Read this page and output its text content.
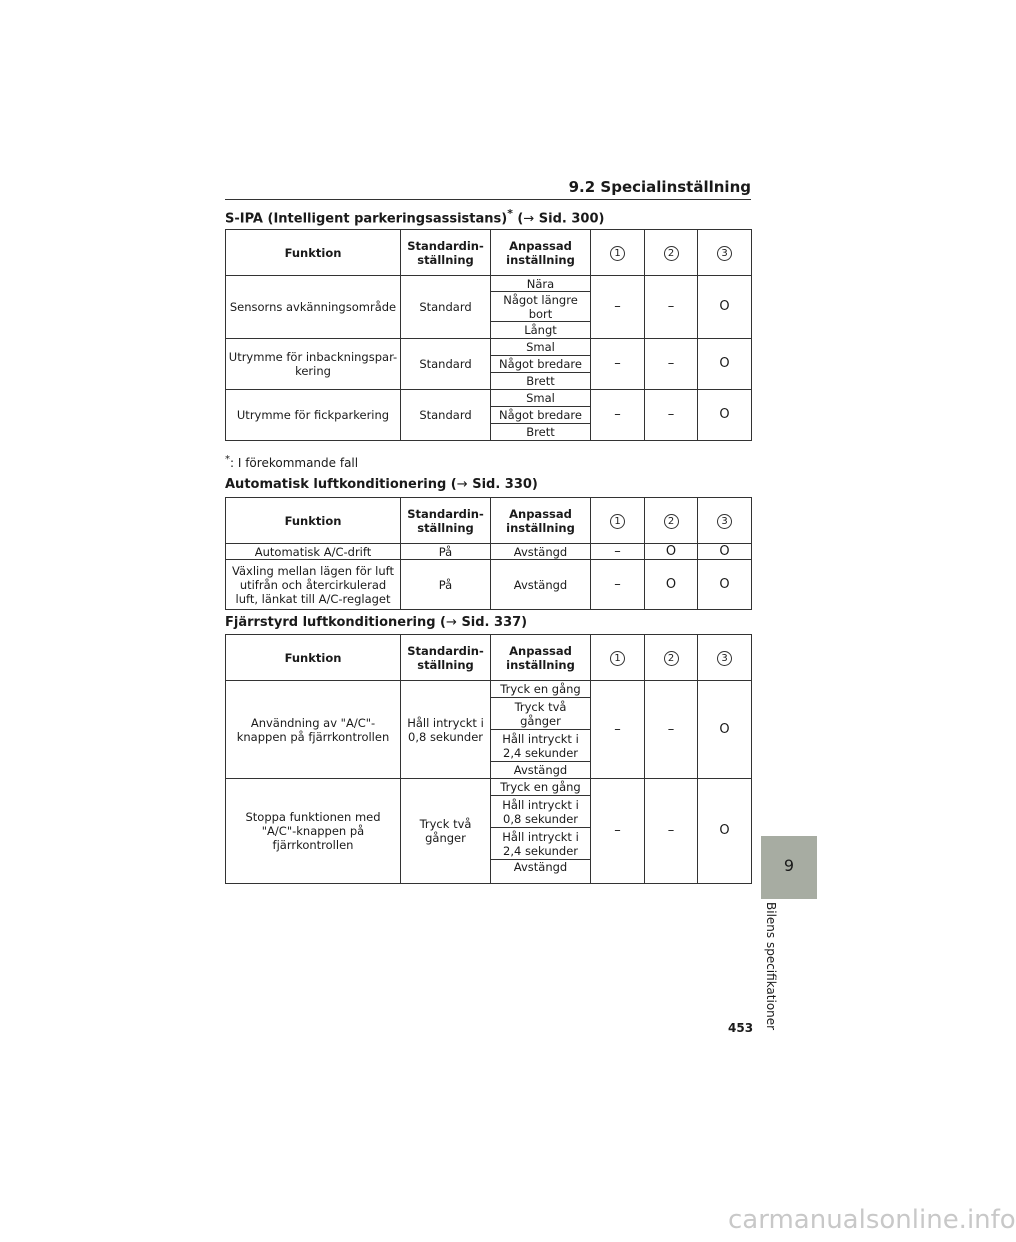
9.2 Specialinställning
S-IPA (Intelligent parkeringsassistans)* (→ Sid. 300)
Funktion	Standardin-ställning	Anpassad inställning	1	2	3
Sensorns avkänningsområde	Standard	Nära	–	–	O
		Något längre bort			
		Långt			
Utrymme för inbackningspar-kering	Standard	Smal	–	–	O
		Något bredare			
		Brett			
Utrymme för fickparkering	Standard	Smal	–	–	O
		Något bredare			
		Brett			
*: I förekommande fall
Automatisk luftkonditionering (→ Sid. 330)
Funktion	Standardin-ställning	Anpassad inställning	1	2	3
Automatisk A/C-drift	På	Avstängd	–	O	O
Växling mellan lägen för luft utifrån och återcirkulerad luft, länkat till A/C-reglaget	På	Avstängd	–	O	O
Fjärrstyrd luftkonditionering (→ Sid. 337)
Funktion	Standardin-ställning	Anpassad inställning	1	2	3
Användning av "A/C"-knappen på fjärrkontrollen	Håll intryckt i 0,8 sekunder	Tryck en gång	–	–	O
		Tryck två gånger			
		Håll intryckt i 2,4 sekunder			
		Avstängd			
Stoppa funktionen med "A/C"-knappen på fjärrkontrollen	Tryck två gånger	Tryck en gång	–	–	O
		Håll intryckt i 0,8 sekunder			
		Håll intryckt i 2,4 sekunder			
		Avstängd				9
Bilens specifikationer
453
carmanualsonline.info
